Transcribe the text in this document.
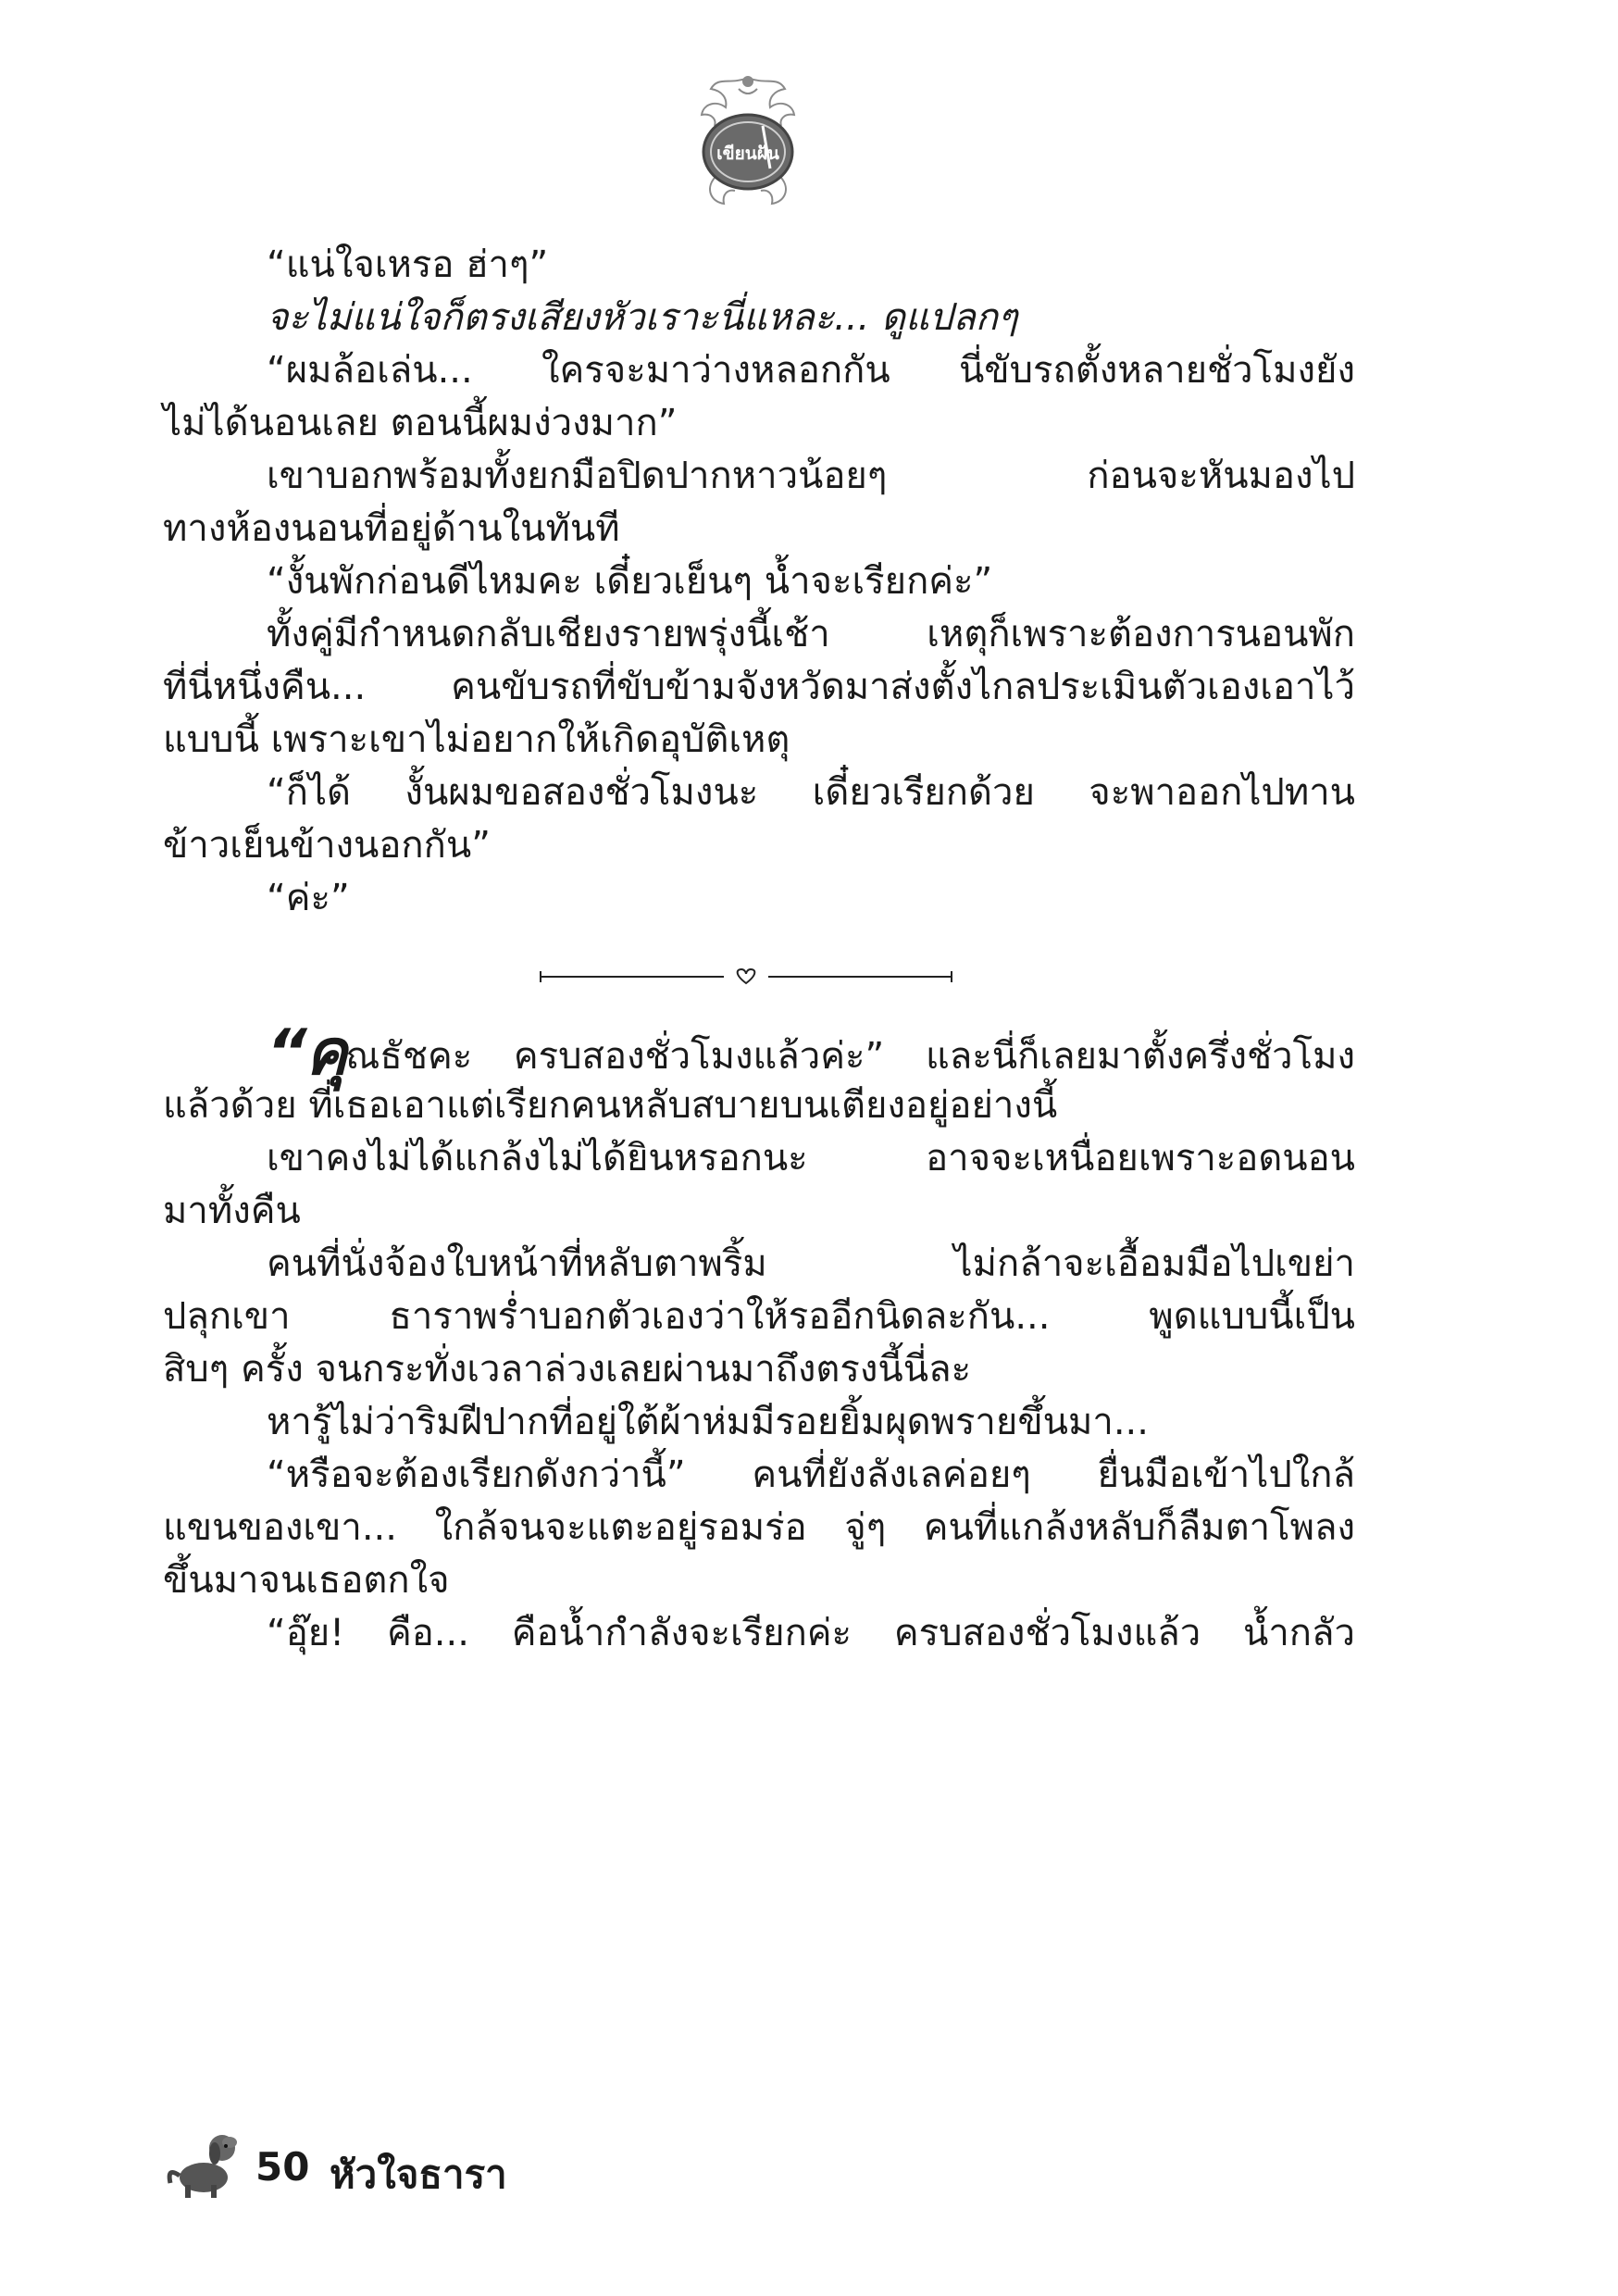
เขียนฝัน
“แน่ใจเหรอ ฮ่าๆ”
จะไม่แน่ใจก็ตรงเสียงหัวเราะนี่แหละ... ดูแปลกๆ
“ผมล้อเล่น... ใครจะมาว่างหลอกกัน นี่ขับรถตั้งหลายชั่วโมงยัง
ไม่ได้นอนเลย ตอนนี้ผมง่วงมาก”
เขาบอกพร้อมทั้งยกมือปิดปากหาวน้อยๆ ก่อนจะหันมองไป
ทางห้องนอนที่อยู่ด้านในทันที
“งั้นพักก่อนดีไหมคะ เดี๋ยวเย็นๆ น้ำจะเรียกค่ะ”
ทั้งคู่มีกำหนดกลับเชียงรายพรุ่งนี้เช้า เหตุก็เพราะต้องการนอนพัก
ที่นี่หนึ่งคืน... คนขับรถที่ขับข้ามจังหวัดมาส่งตั้งไกลประเมินตัวเองเอาไว้
แบบนี้ เพราะเขาไม่อยากให้เกิดอุบัติเหตุ
“ก็ได้ งั้นผมขอสองชั่วโมงนะ เดี๋ยวเรียกด้วย จะพาออกไปทาน
ข้าวเย็นข้างนอกกัน”
“ค่ะ”
“คุณธัชคะ ครบสองชั่วโมงแล้วค่ะ” และนี่ก็เลยมาตั้งครึ่งชั่วโมง
แล้วด้วย ที่เธอเอาแต่เรียกคนหลับสบายบนเตียงอยู่อย่างนี้
เขาคงไม่ได้แกล้งไม่ได้ยินหรอกนะ อาจจะเหนื่อยเพราะอดนอน
มาทั้งคืน
คนที่นั่งจ้องใบหน้าที่หลับตาพริ้ม ไม่กล้าจะเอื้อมมือไปเขย่า
ปลุกเขา ธาราพร่ำบอกตัวเองว่าให้รออีกนิดละกัน... พูดแบบนี้เป็น
สิบๆ ครั้ง จนกระทั่งเวลาล่วงเลยผ่านมาถึงตรงนี้นี่ละ
หารู้ไม่ว่าริมฝีปากที่อยู่ใต้ผ้าห่มมีรอยยิ้มผุดพรายขึ้นมา...
“หรือจะต้องเรียกดังกว่านี้” คนที่ยังลังเลค่อยๆ ยื่นมือเข้าไปใกล้
แขนของเขา... ใกล้จนจะแตะอยู่รอมร่อ จู่ๆ คนที่แกล้งหลับก็ลืมตาโพลง
ขึ้นมาจนเธอตกใจ
“อุ๊ย! คือ... คือน้ำกำลังจะเรียกค่ะ ครบสองชั่วโมงแล้ว น้ำกลัว
50 หัวใจธารา
